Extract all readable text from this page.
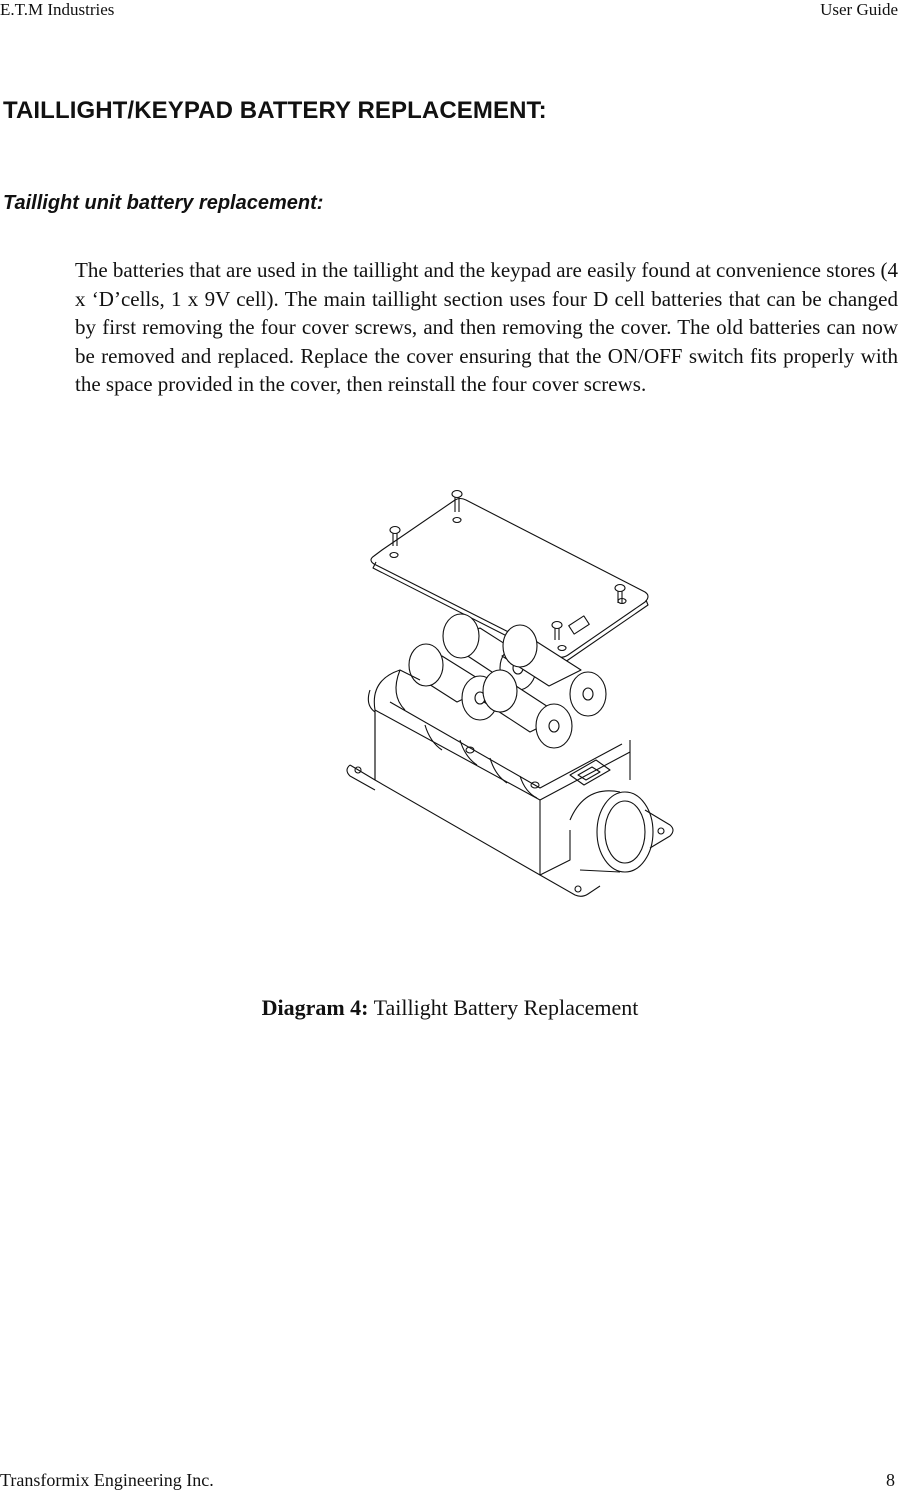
E.T.M Industries	User Guide
TAILLIGHT/KEYPAD BATTERY REPLACEMENT:
Taillight unit battery replacement:

The batteries that are used in the taillight and the keypad are easily found at convenience stores (4 x ‘D’cells, 1 x 9V cell). The main taillight section uses four D cell batteries that can be changed by first removing the four cover screws, and then removing the cover. The old batteries can now be removed and replaced. Replace the cover ensuring that the ON/OFF switch fits properly with the space provided in the cover, then reinstall the four cover screws.

Diagram 4: Taillight Battery Replacement
Transformix Engineering Inc.	8
